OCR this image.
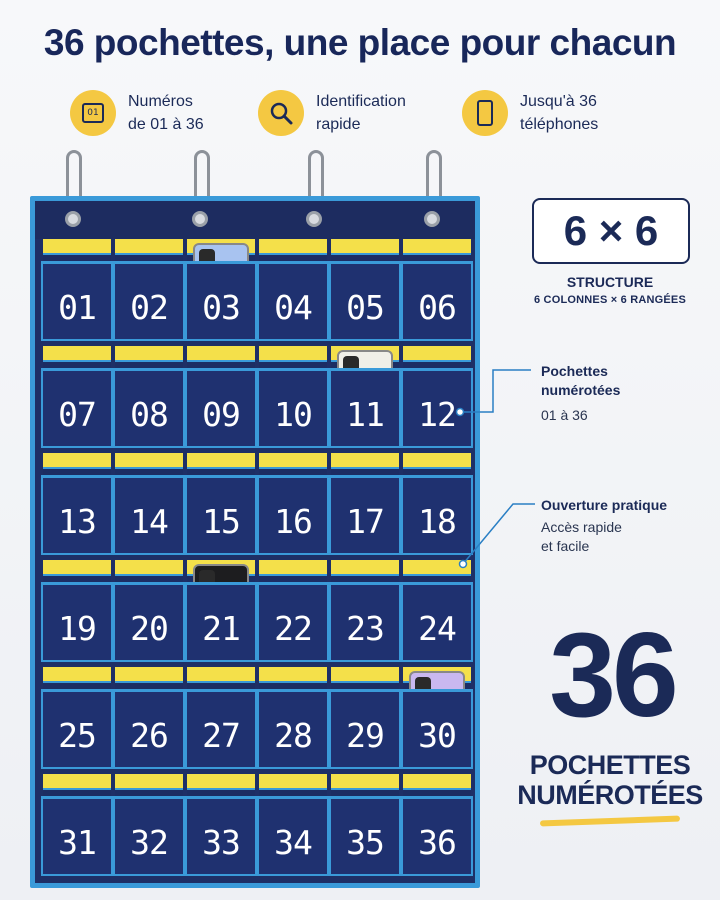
36 pochettes, une place pour chacun
01
Numéros
de 01 à 36
Identification
rapide
Jusqu'à 36
téléphones
01	02	03	04	05	06
07	08	09	10	11	12
13	14	15	16	17	18
19	20	21	22	23	24
25	26	27	28	29	30
31	32	33	34	35	36
6 × 6
STRUCTURE
6 COLONNES × 6 RANGÉES
Pochettes
numérotées
01 à 36
Ouverture pratique
Accès rapide
et facile
36
POCHETTES
NUMÉROTÉES
